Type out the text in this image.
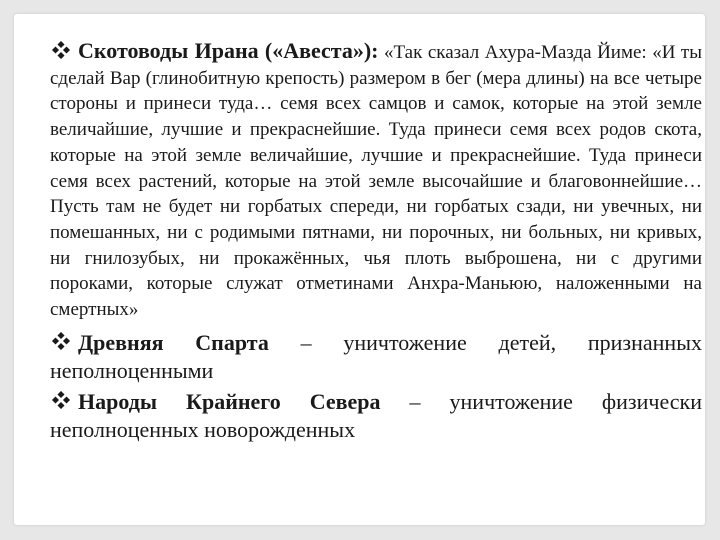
Скотоводы Ирана («Авеста»): «Так сказал Ахура-Мазда Йиме: «И ты сделай Вар (глинобитную крепость) размером в бег (мера длины) на все четыре стороны и принеси туда… семя всех самцов и самок, которые на этой земле величайшие, лучшие и прекраснейшие. Туда принеси семя всех родов скота, которые на этой земле величайшие, лучшие и прекраснейшие. Туда принеси семя всех растений, которые на этой земле высочайшие и благовоннейшие… Пусть там не будет ни горбатых спереди, ни горбатых сзади, ни увечных, ни помешанных, ни с родимыми пятнами, ни порочных, ни больных, ни кривых, ни гнилозубых, ни прокажённых, чья плоть выброшена, ни с другими пороками, которые служат отметинами Анхра-Маньюю, наложенными на смертных»
Древняя Спарта – уничтожение детей, признанных неполноценными
Народы Крайнего Севера – уничтожение физически неполноценных новорожденных
